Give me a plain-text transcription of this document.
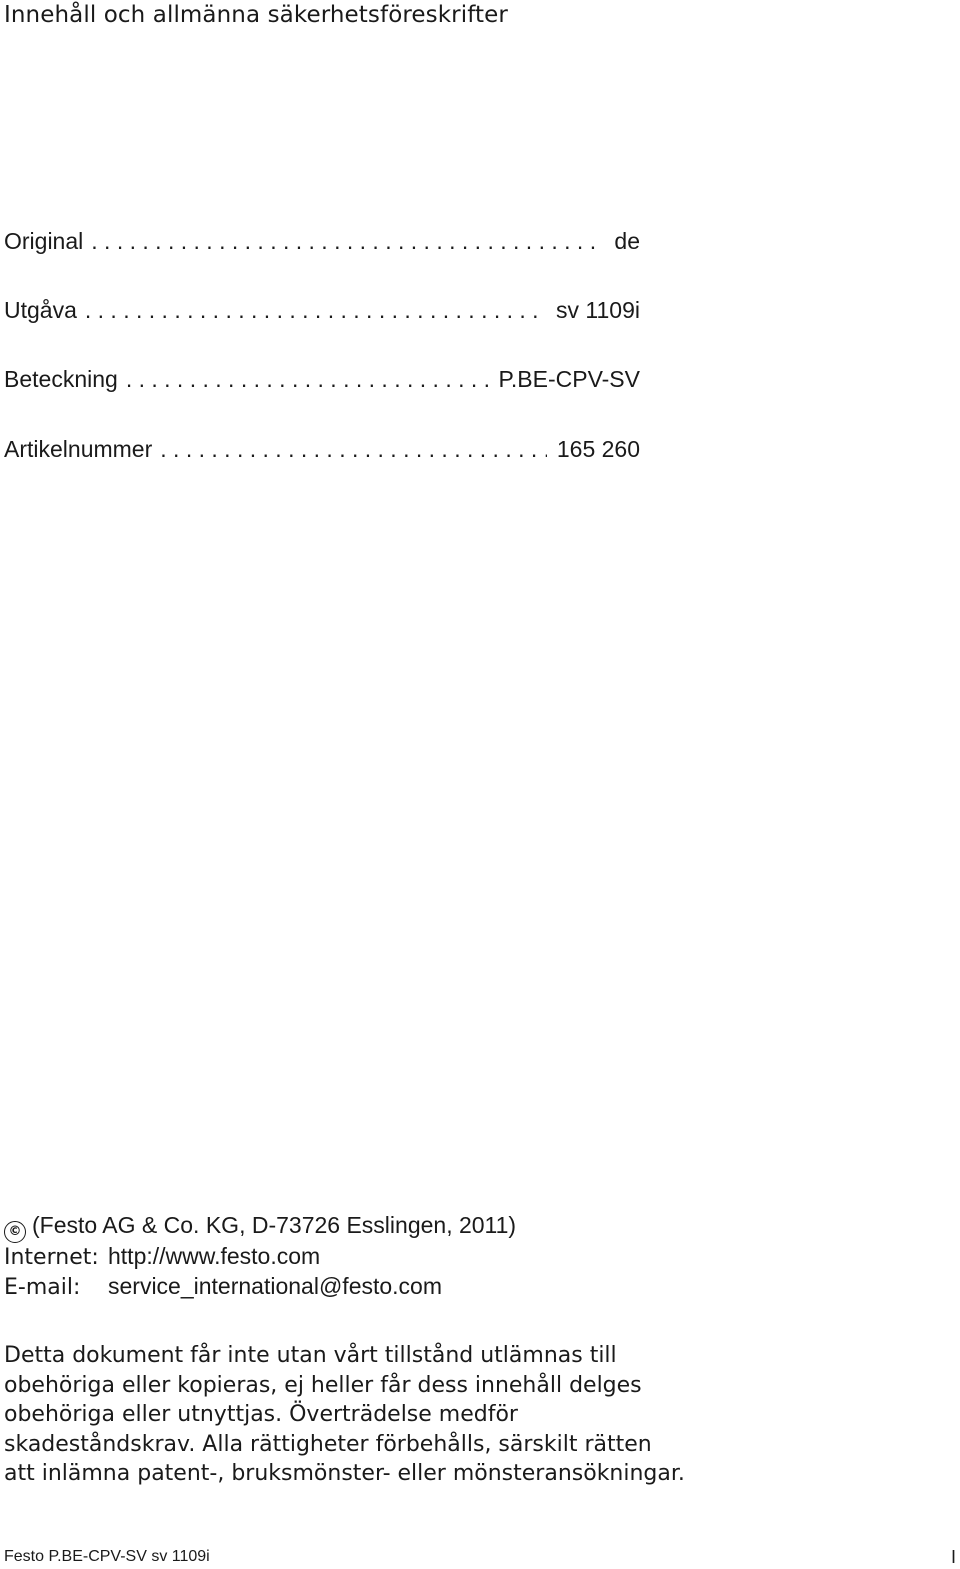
Innehåll och allmänna säkerhetsföreskrifter
Original . . .	de
Utgåva . . .	sv 1109i
Beteckning . . .	P.BE-CPV-SV
Artikelnummer . . .	165 260
© (Festo AG & Co. KG, D-73726 Esslingen, 2011)
Internet: http://www.festo.com
E-mail: service_international@festo.com
Detta dokument får inte utan vårt tillstånd utlämnas till
obehöriga eller kopieras, ej heller får dess innehåll delges
obehöriga eller utnyttjas. Överträdelse medför
skadeståndskrav. Alla rättigheter förbehålls, särskilt rätten
att inlämna patent-, bruksmönster- eller mönsteransökningar.
Festo P.BE-CPV-SV sv 1109i	I
